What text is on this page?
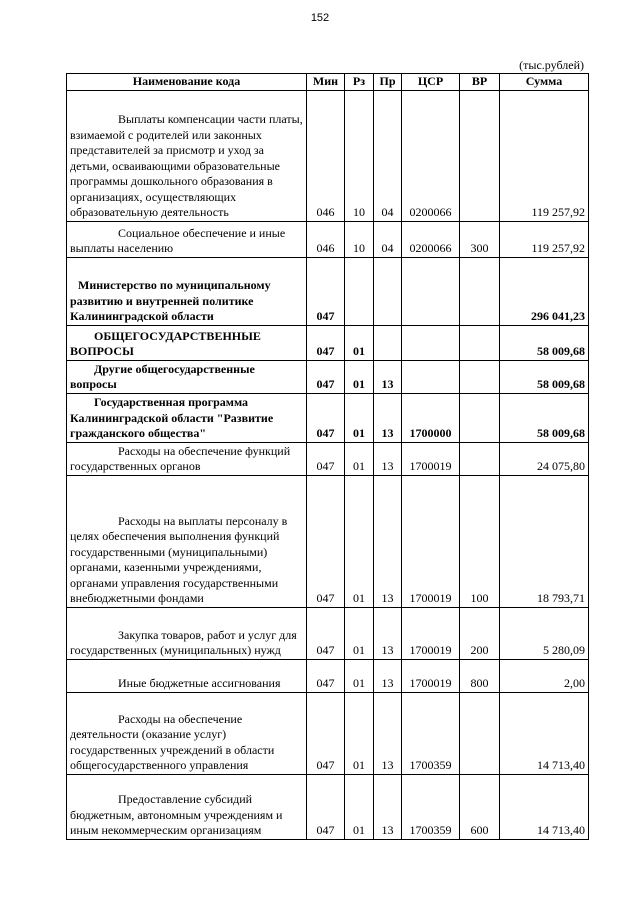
152
(тыс.рублей)
Наименование кода	Мин	Рз	Пр	ЦСР	ВР	Сумма

Выплаты компенсации части платы, взимаемой с родителей или законных представителей за присмотр и уход за детьми, осваивающими образовательные программы дошкольного образования в организациях, осуществляющих образовательную деятельность	046	10	04	0200066		119 257,92

Социальное обеспечение и иные выплаты населению	046	10	04	0200066	300	119 257,92

Министерство по муниципальному развитию и внутренней политике Калининградской области	047					296 041,23

ОБЩЕГОСУДАРСТВЕННЫЕ ВОПРОСЫ	047	01				58 009,68

Другие общегосударственные вопросы	047	01	13			58 009,68

Государственная программа Калининградской области "Развитие гражданского общества"	047	01	13	1700000		58 009,68

Расходы на обеспечение функций государственных органов	047	01	13	1700019		24 075,80

Расходы на выплаты персоналу в целях обеспечения выполнения функций государственными (муниципальными) органами, казенными учреждениями, органами управления государственными внебюджетными фондами	047	01	13	1700019	100	18 793,71

Закупка товаров, работ и услуг для государственных (муниципальных) нужд	047	01	13	1700019	200	5 280,09

Иные бюджетные ассигнования	047	01	13	1700019	800	2,00

Расходы на обеспечение деятельности (оказание услуг) государственных учреждений в области общегосударственного управления	047	01	13	1700359		14 713,40

Предоставление субсидий бюджетным, автономным учреждениям и иным некоммерческим организациям	047	01	13	1700359	600	14 713,40
